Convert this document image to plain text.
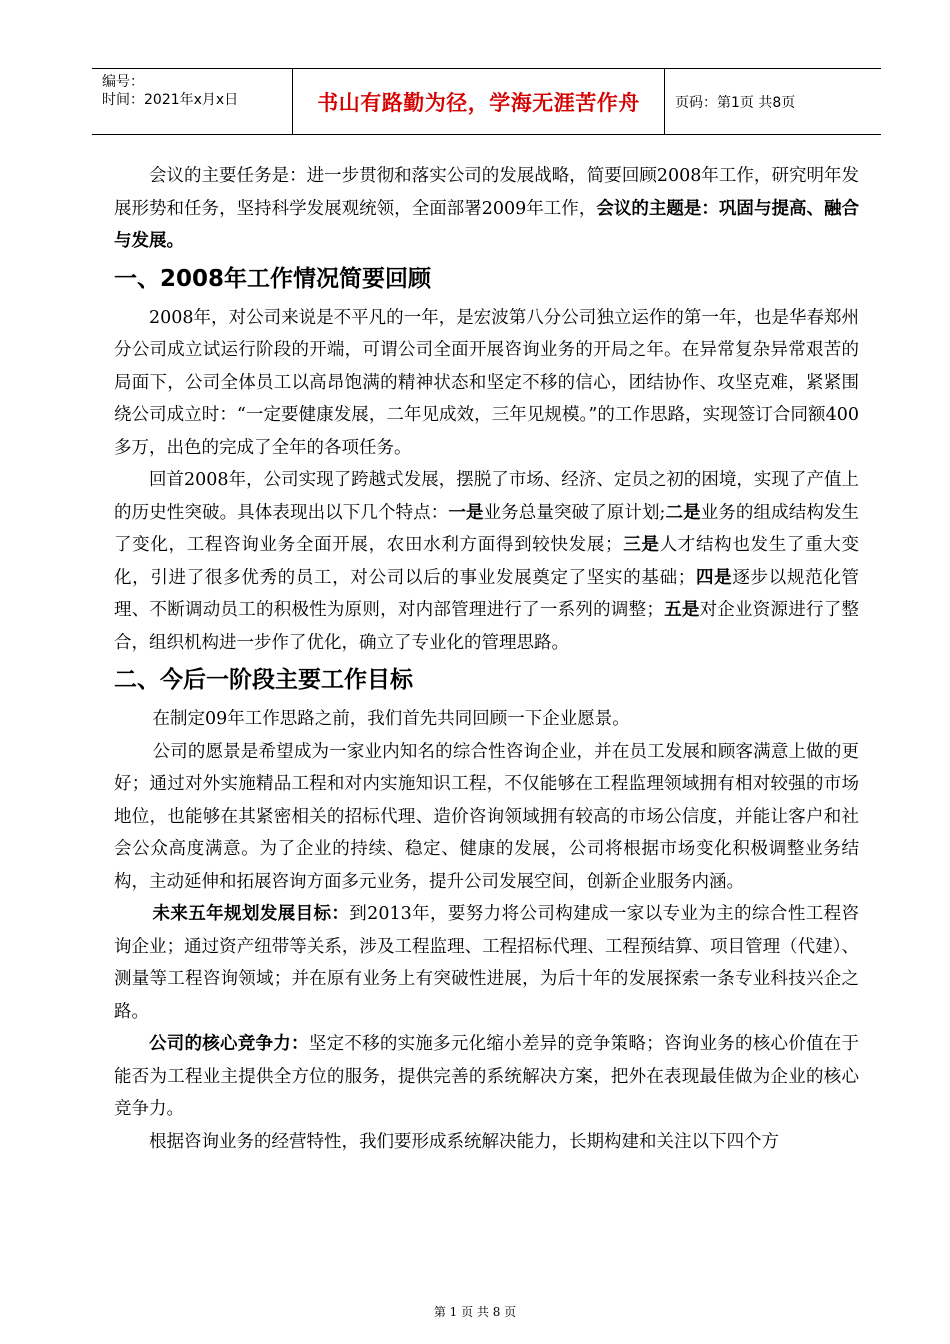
编号：
时间：2021年x月x日	书山有路勤为径，学海无涯苦作舟	页码：第1页 共8页

会议的主要任务是：进一步贯彻和落实公司的发展战略，简要回顾2008年工作，研究明年发展形势和任务，坚持科学发展观统领，全面部署2009年工作，会议的主题是：巩固与提高、融合与发展。

一、2008年工作情况简要回顾

2008年，对公司来说是不平凡的一年，是宏波第八分公司独立运作的第一年，也是华春郑州分公司成立试运行阶段的开端，可谓公司全面开展咨询业务的开局之年。在异常复杂异常艰苦的局面下，公司全体员工以高昂饱满的精神状态和坚定不移的信心，团结协作、攻坚克难，紧紧围绕公司成立时：“一定要健康发展，二年见成效，三年见规模。”的工作思路，实现签订合同额400多万，出色的完成了全年的各项任务。

回首2008年，公司实现了跨越式发展，摆脱了市场、经济、定员之初的困境，实现了产值上的历史性突破。具体表现出以下几个特点：一是业务总量突破了原计划;二是业务的组成结构发生了变化，工程咨询业务全面开展，农田水利方面得到较快发展；三是人才结构也发生了重大变化，引进了很多优秀的员工，对公司以后的事业发展奠定了坚实的基础；四是逐步以规范化管理、不断调动员工的积极性为原则，对内部管理进行了一系列的调整；五是对企业资源进行了整合，组织机构进一步作了优化，确立了专业化的管理思路。

二、今后一阶段主要工作目标

在制定09年工作思路之前，我们首先共同回顾一下企业愿景。

公司的愿景是希望成为一家业内知名的综合性咨询企业，并在员工发展和顾客满意上做的更好；通过对外实施精品工程和对内实施知识工程，不仅能够在工程监理领域拥有相对较强的市场地位，也能够在其紧密相关的招标代理、造价咨询领域拥有较高的市场公信度，并能让客户和社会公众高度满意。为了企业的持续、稳定、健康的发展，公司将根据市场变化积极调整业务结构，主动延伸和拓展咨询方面多元业务，提升公司发展空间，创新企业服务内涵。

未来五年规划发展目标：到2013年，要努力将公司构建成一家以专业为主的综合性工程咨询企业；通过资产纽带等关系，涉及工程监理、工程招标代理、工程预结算、项目管理（代建）、测量等工程咨询领域；并在原有业务上有突破性进展，为后十年的发展探索一条专业科技兴企之路。

公司的核心竞争力：坚定不移的实施多元化缩小差异的竞争策略；咨询业务的核心价值在于能否为工程业主提供全方位的服务，提供完善的系统解决方案，把外在表现最佳做为企业的核心竞争力。

根据咨询业务的经营特性，我们要形成系统解决能力，长期构建和关注以下四个方

第 1 页 共 8 页
